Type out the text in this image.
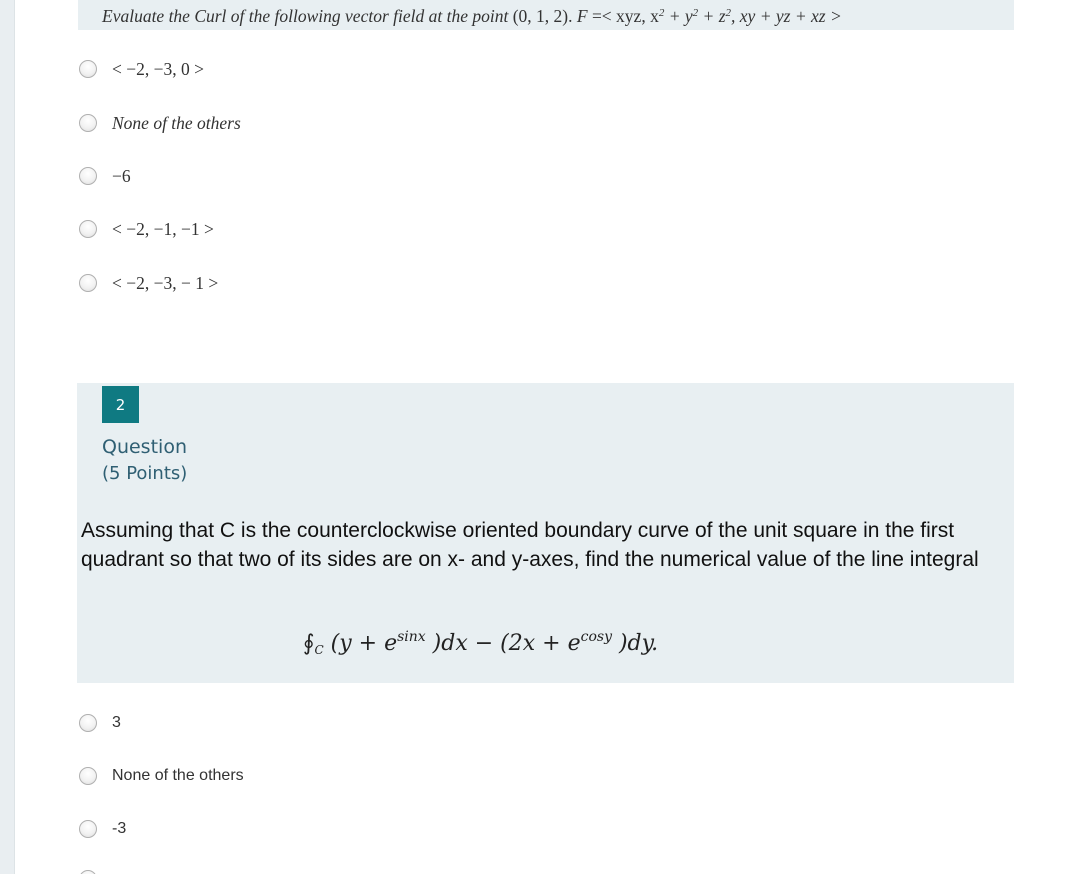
Evaluate the Curl of the following vector field at the point (0, 1, 2). F =< xyz, $x^2 + y^2 + z^2$, xy + yz + xz >
< −2, −3, 0 >
None of the others
−6
< −2, −1, −1 >
< −2, −3, − 1 >
2
Question
(5 Points)
Assuming that C is the counterclockwise oriented boundary curve of the unit square in the first quadrant so that two of its sides are on x- and y-axes, find the numerical value of the line integral
$∮_C$ ($y + e^{sinx}$ )$dx - (2x + e^{cosy}$ )dy.
3
None of the others
-3
